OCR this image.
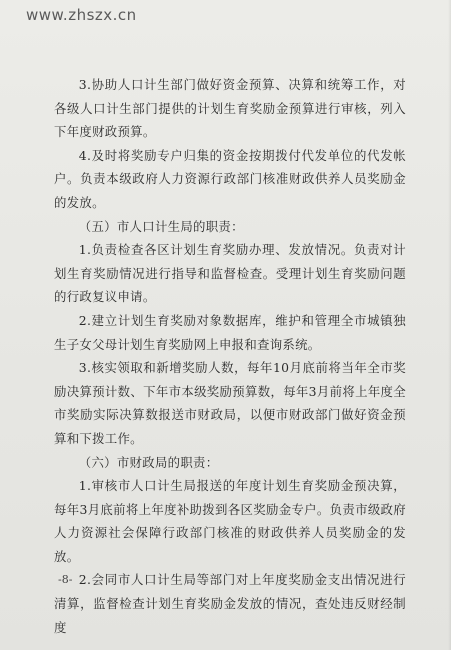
www.zhszx.cn

3.协助人口计生部门做好资金预算、决算和统筹工作，对各级人口计生部门提供的计划生育奖励金预算进行审核，列入下年度财政预算。

4.及时将奖励专户归集的资金按期拨付代发单位的代发帐户。负责本级政府人力资源行政部门核准财政供养人员奖励金的发放。

（五）市人口计生局的职责：

1.负责检查各区计划生育奖励办理、发放情况。负责对计划生育奖励情况进行指导和监督检查。受理计划生育奖励问题的行政复议申请。

2.建立计划生育奖励对象数据库，维护和管理全市城镇独生子女父母计划生育奖励网上申报和查询系统。

3.核实领取和新增奖励人数，每年10月底前将当年全市奖励决算预计数、下年市本级奖励预算数，每年3月前将上年度全市奖励实际决算数报送市财政局，以便市财政部门做好资金预算和下拨工作。

（六）市财政局的职责：

1.审核市人口计生局报送的年度计划生育奖励金预决算，每年3月底前将上年度补助拨到各区奖励金专户。负责市级政府人力资源社会保障行政部门核准的财政供养人员奖励金的发放。

2.会同市人口计生局等部门对上年度奖励金支出情况进行清算，监督检查计划生育奖励金发放的情况，查处违反财经制度

-8-
